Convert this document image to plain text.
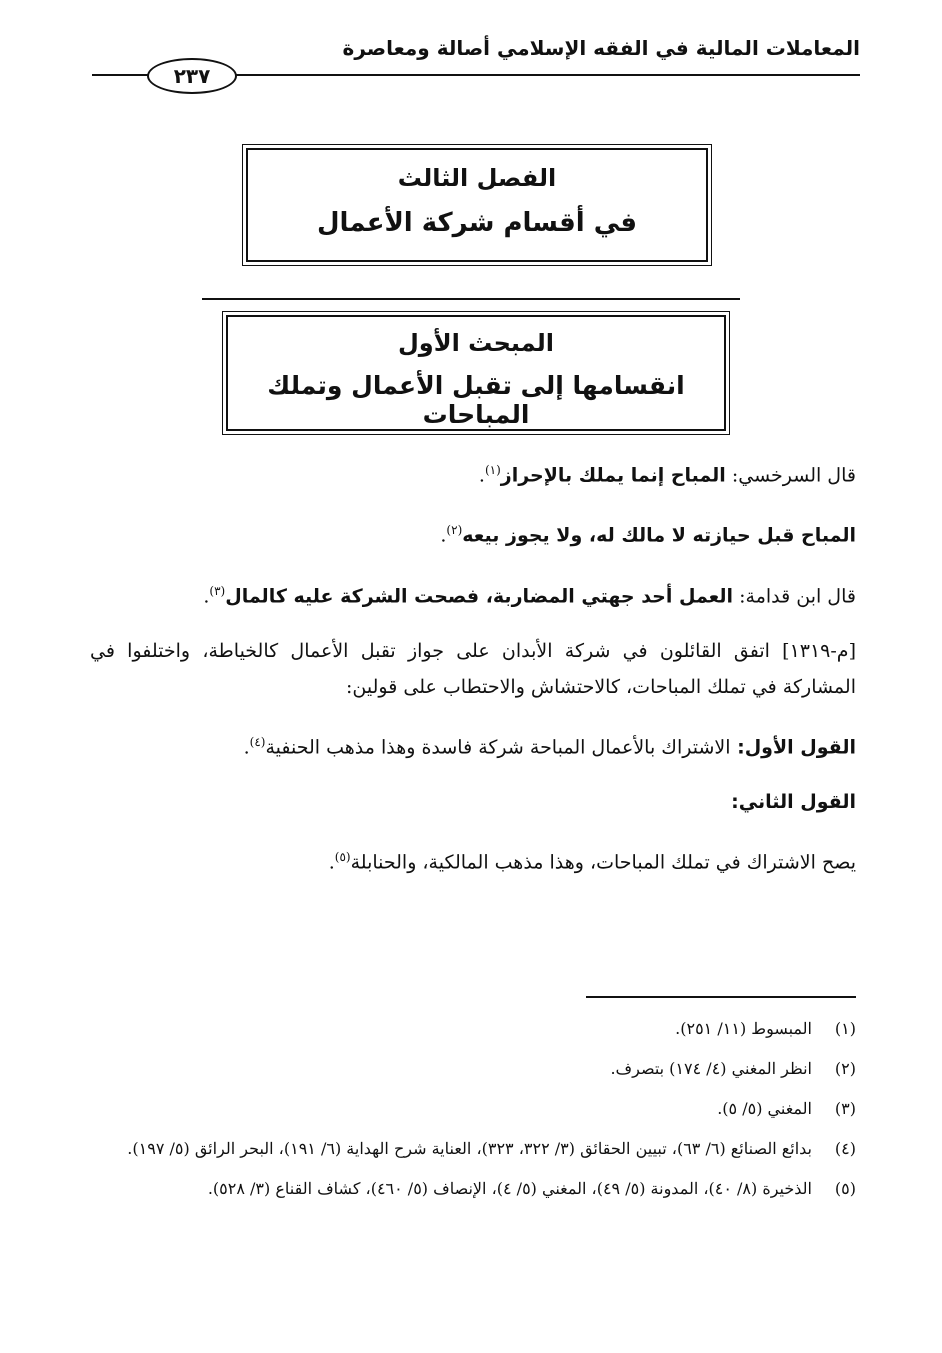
المعاملات المالية في الفقه الإسلامي أصالة ومعاصرة
٢٣٧
الفصل الثالث
في أقسام شركة الأعمال
المبحث الأول
انقسامها إلى تقبل الأعمال وتملك المباحات

قال السرخسي: المباح إنما يملك بالإحراز$^{(١)}$.

المباح قبل حيازته لا مالك له، ولا يجوز بيعه$^{(٢)}$.

قال ابن قدامة: العمل أحد جهتي المضاربة، فصحت الشركة عليه كالمال$^{(٣)}$.

[م-١٣١٩] اتفق القائلون في شركة الأبدان على جواز تقبل الأعمال كالخياطة، واختلفوا في المشاركة في تملك المباحات، كالاحتشاش والاحتطاب على قولين:

القول الأول: الاشتراك بالأعمال المباحة شركة فاسدة وهذا مذهب الحنفية$^{(٤)}$.

القول الثاني:

يصح الاشتراك في تملك المباحات، وهذا مذهب المالكية، والحنابلة$^{(٥)}$.

(١)
المبسوط (١١/ ٢٥١).
(٢)
انظر المغني (٤/ ١٧٤) بتصرف.
(٣)
المغني (٥/ ٥).
(٤)
بدائع الصنائع (٦/ ٦٣)، تبيين الحقائق (٣/ ٣٢٢، ٣٢٣)، العناية شرح الهداية (٦/ ١٩١)، البحر الرائق (٥/ ١٩٧).
(٥)
الذخيرة (٨/ ٤٠)، المدونة (٥/ ٤٩)، المغني (٥/ ٤)، الإنصاف (٥/ ٤٦٠)، كشاف القناع (٣/ ٥٢٨).
